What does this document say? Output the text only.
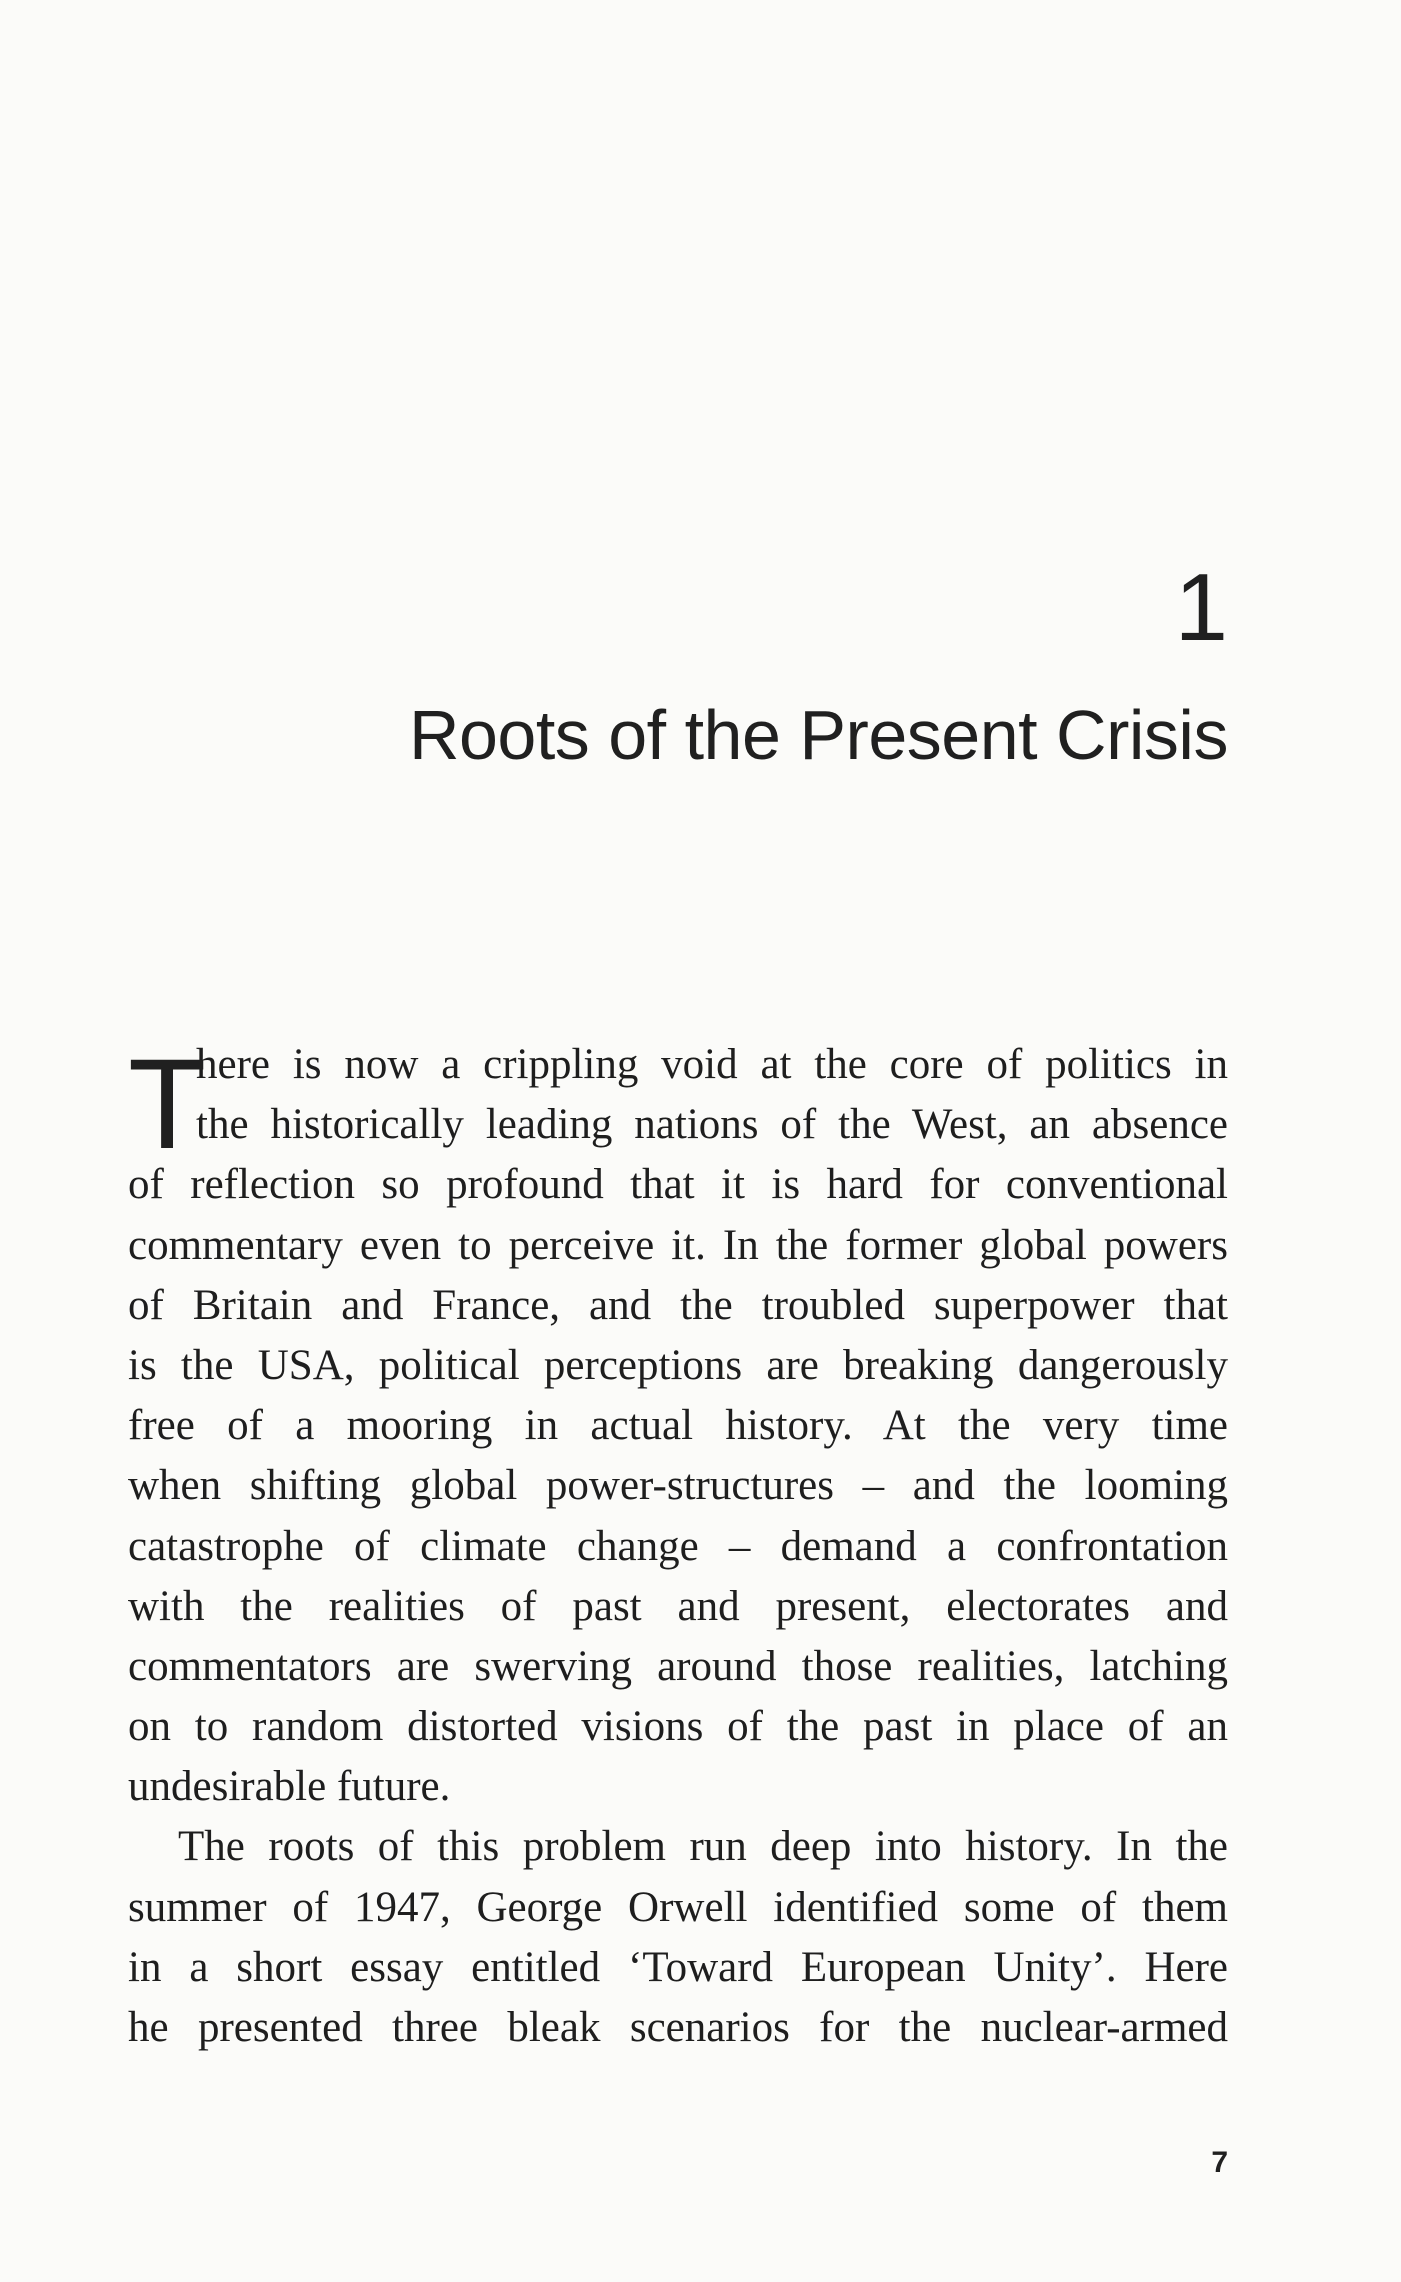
1
Roots of the Present Crisis
T
here is now a crippling void at the core of politics in
the historically leading nations of the West, an absence
of reflection so profound that it is hard for conventional
commentary even to perceive it. In the former global powers
of Britain and France, and the troubled superpower that
is the USA, political perceptions are breaking dangerously
free of a mooring in actual history. At the very time
when shifting global power-structures – and the looming
catastrophe of climate change – demand a confrontation
with the realities of past and present, electorates and
commentators are swerving around those realities, latching
on to random distorted visions of the past in place of an
undesirable future.
The roots of this problem run deep into history. In the
summer of 1947, George Orwell identified some of them
in a short essay entitled ‘Toward European Unity’. Here
he presented three bleak scenarios for the nuclear-armed
7
